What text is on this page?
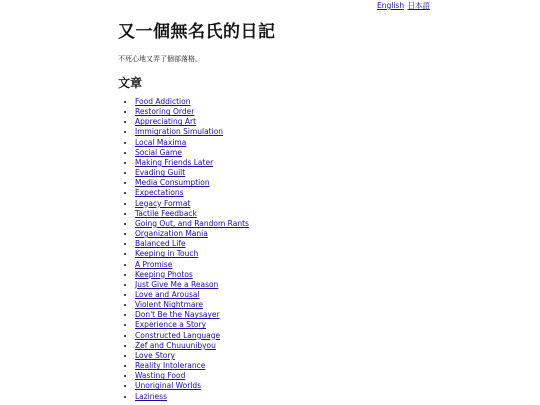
English 日本語
又一個無名氏的日記

不死心地又弄了個部落格。

文章
• Food Addiction
• Restoring Order
• Appreciating Art
• Immigration Simulation
• Local Maxima
• Social Game
• Making Friends Later
• Evading Guilt
• Media Consumption
• Expectations
• Legacy Format
• Tactile Feedback
• Going Out, and Random Rants
• Organization Mania
• Balanced Life
• Keeping in Touch
• A Promise
• Keeping Photos
• Just Give Me a Reason
• Love and Arousal
• Violent Nightmare
• Don't Be the Naysayer
• Experience a Story
• Constructed Language
• Zef and Chuuunibyou
• Love Story
• Reality Intolerance
• Wasting Food
• Unoriginal Worlds
• Laziness
